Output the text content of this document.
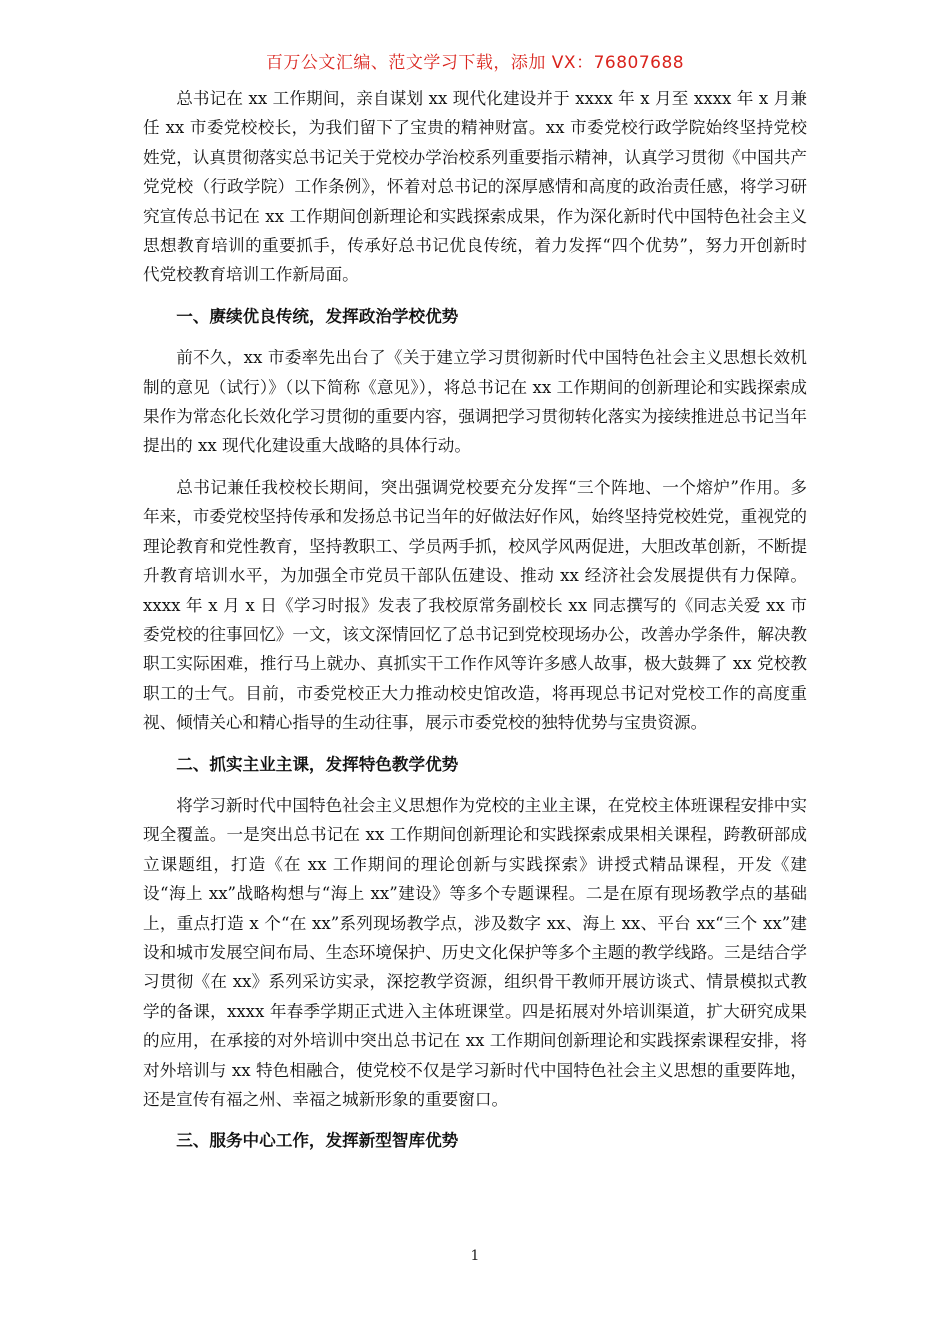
百万公文汇编、范文学习下载，添加 VX：76807688

总书记在 xx 工作期间，亲自谋划 xx 现代化建设并于 xxxx 年 x 月至 xxxx 年 x 月兼任 xx 市委党校校长，为我们留下了宝贵的精神财富。xx 市委党校行政学院始终坚持党校姓党，认真贯彻落实总书记关于党校办学治校系列重要指示精神，认真学习贯彻《中国共产党党校（行政学院）工作条例》，怀着对总书记的深厚感情和高度的政治责任感，将学习研究宣传总书记在 xx 工作期间创新理论和实践探索成果，作为深化新时代中国特色社会主义思想教育培训的重要抓手，传承好总书记优良传统，着力发挥“四个优势”，努力开创新时代党校教育培训工作新局面。

一、赓续优良传统，发挥政治学校优势

前不久，xx 市委率先出台了《关于建立学习贯彻新时代中国特色社会主义思想长效机制的意见（试行）》（以下简称《意见》），将总书记在 xx 工作期间的创新理论和实践探索成果作为常态化长效化学习贯彻的重要内容，强调把学习贯彻转化落实为接续推进总书记当年提出的 xx 现代化建设重大战略的具体行动。

总书记兼任我校校长期间，突出强调党校要充分发挥“三个阵地、一个熔炉”作用。多年来，市委党校坚持传承和发扬总书记当年的好做法好作风，始终坚持党校姓党，重视党的理论教育和党性教育，坚持教职工、学员两手抓，校风学风两促进，大胆改革创新，不断提升教育培训水平，为加强全市党员干部队伍建设、推动 xx 经济社会发展提供有力保障。xxxx 年 x 月 x 日《学习时报》发表了我校原常务副校长 xx 同志撰写的《同志关爱 xx 市委党校的往事回忆》一文，该文深情回忆了总书记到党校现场办公，改善办学条件，解决教职工实际困难，推行马上就办、真抓实干工作作风等许多感人故事，极大鼓舞了 xx 党校教职工的士气。目前，市委党校正大力推动校史馆改造，将再现总书记对党校工作的高度重视、倾情关心和精心指导的生动往事，展示市委党校的独特优势与宝贵资源。

二、抓实主业主课，发挥特色教学优势

将学习新时代中国特色社会主义思想作为党校的主业主课，在党校主体班课程安排中实现全覆盖。一是突出总书记在 xx 工作期间创新理论和实践探索成果相关课程，跨教研部成立课题组，打造《在 xx 工作期间的理论创新与实践探索》讲授式精品课程，开发《建设“海上 xx”战略构想与“海上 xx”建设》等多个专题课程。二是在原有现场教学点的基础上，重点打造 x 个“在 xx”系列现场教学点，涉及数字 xx、海上 xx、平台 xx“三个 xx”建设和城市发展空间布局、生态环境保护、历史文化保护等多个主题的教学线路。三是结合学习贯彻《在 xx》系列采访实录，深挖教学资源，组织骨干教师开展访谈式、情景模拟式教学的备课，xxxx 年春季学期正式进入主体班课堂。四是拓展对外培训渠道，扩大研究成果的应用，在承接的对外培训中突出总书记在 xx 工作期间创新理论和实践探索课程安排，将对外培训与 xx 特色相融合，使党校不仅是学习新时代中国特色社会主义思想的重要阵地，还是宣传有福之州、幸福之城新形象的重要窗口。

三、服务中心工作，发挥新型智库优势
1
